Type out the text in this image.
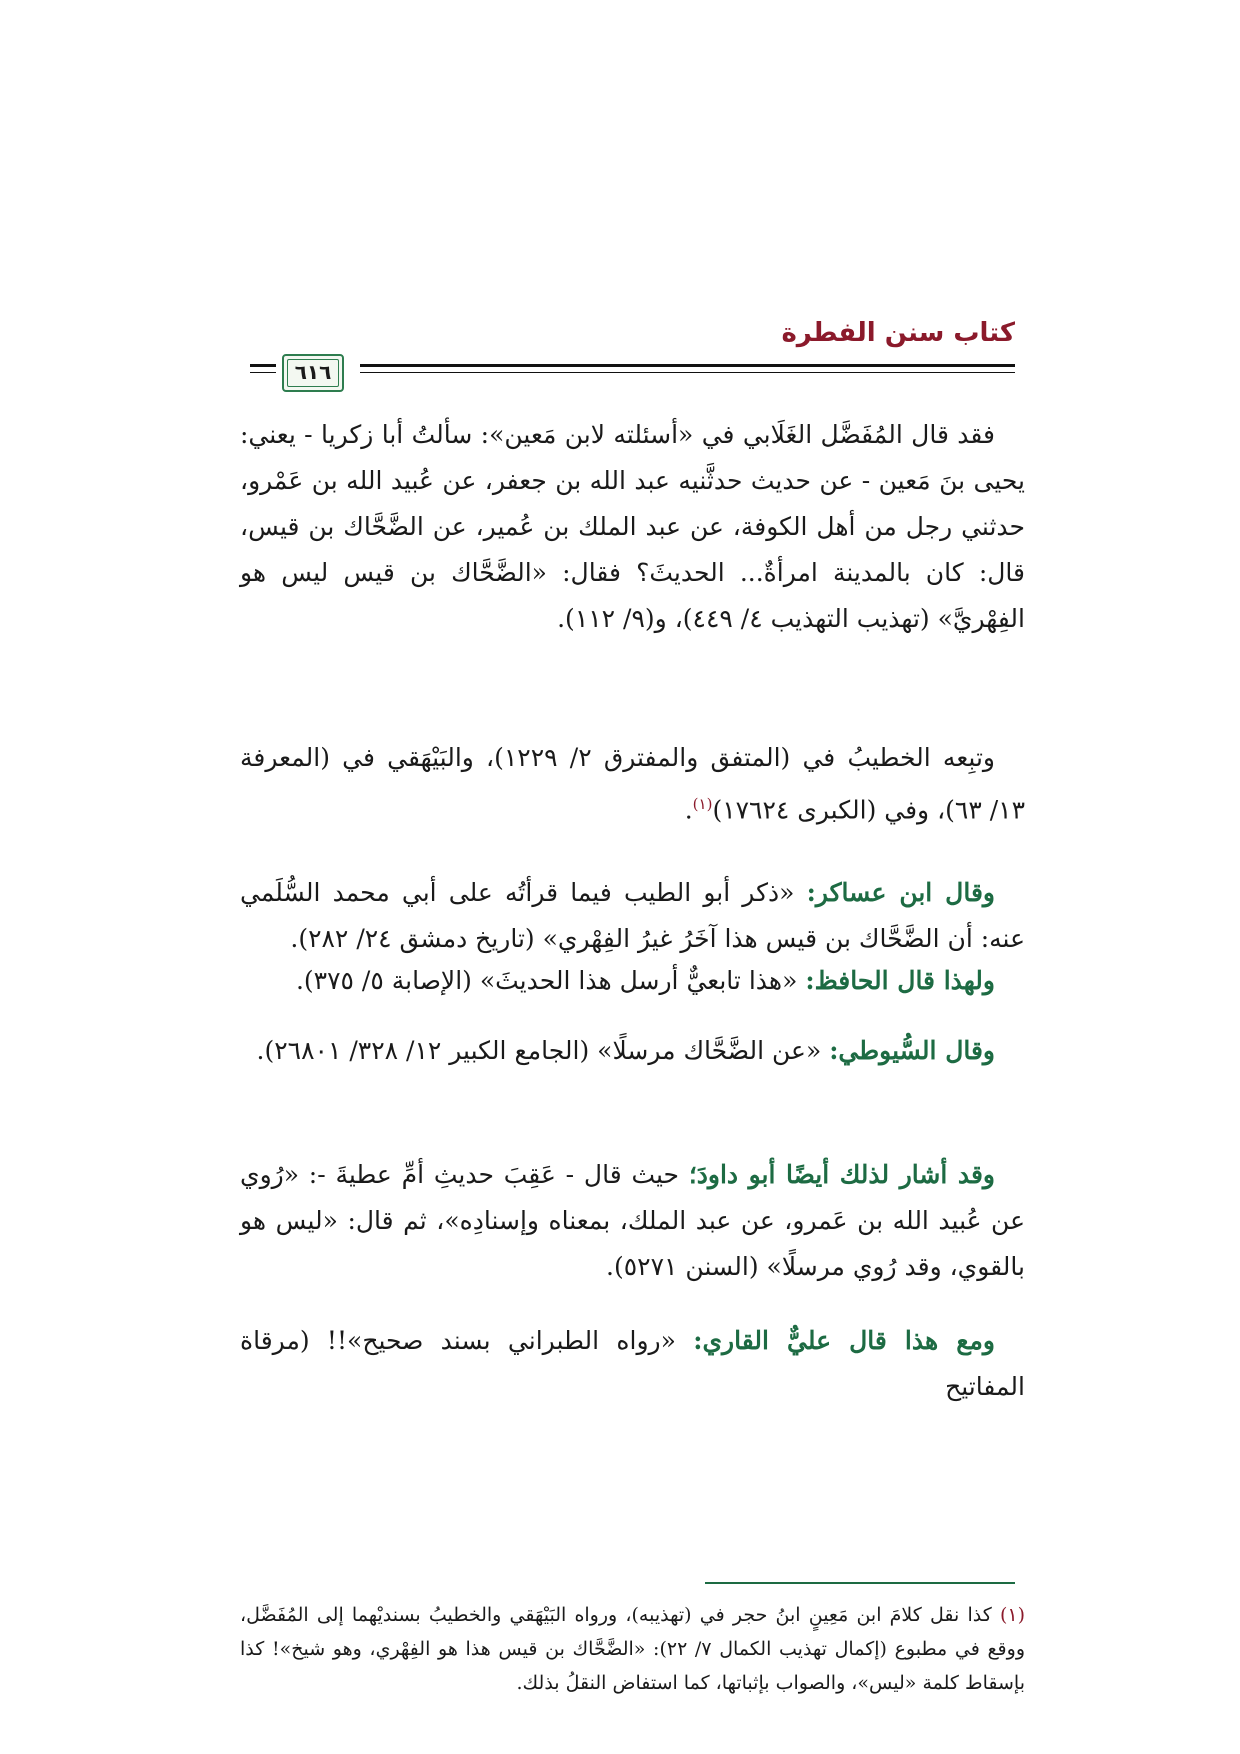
كتاب سنن الفطرة
٦١٦

فقد قال المُفَضَّل الغَلَابي في «أسئلته لابن مَعين»: سألتُ أبا زكريا - يعني: يحيى بنَ مَعين - عن حديث حدثَّنيه عبد الله بن جعفر، عن عُبيد الله بن عَمْرو، حدثني رجل من أهل الكوفة، عن عبد الملك بن عُمير، عن الضَّحَّاك بن قيس، قال: كان بالمدينة امرأةٌ... الحديثَ؟ فقال: «الضَّحَّاك بن قيس ليس هو الفِهْريَّ» (تهذيب التهذيب ٤/ ٤٤٩)، و(٩/ ١١٢).

وتبِعه الخطيبُ في (المتفق والمفترق ٢/ ١٢٢٩)، والبَيْهَقي في (المعرفة ١٣/ ٦٣)، وفي (الكبرى ١٧٦٢٤)$^{(١)}$.

وقال ابن عساكر: «ذكر أبو الطيب فيما قرأتُه على أبي محمد السُّلَمي عنه: أن الضَّحَّاك بن قيس هذا آخَرُ غيرُ الفِهْري» (تاريخ دمشق ٢٤/ ٢٨٢).

ولهذا قال الحافظ: «هذا تابعيٌّ أرسل هذا الحديثَ» (الإصابة ٥/ ٣٧٥).

وقال السُّيوطي: «عن الضَّحَّاك مرسلًا» (الجامع الكبير ١٢/ ٣٢٨/ ٢٦٨٠١).

وقد أشار لذلك أيضًا أبو داودَ؛ حيث قال - عَقِبَ حديثِ أمِّ عطيةَ -: «رُوي عن عُبيد الله بن عَمرو، عن عبد الملك، بمعناه وإسنادِه»، ثم قال: «ليس هو بالقوي، وقد رُوي مرسلًا» (السنن ٥٢٧١).

ومع هذا قال عليٌّ القاري: «رواه الطبراني بسند صحيح»!! (مرقاة المفاتيح

(١) كذا نقل كلامَ ابن مَعِينٍ ابنُ حجر في (تهذيبه)، ورواه البَيْهَقي والخطيبُ بسنديْهما إلى المُفَضَّل، ووقع في مطبوع (إكمال تهذيب الكمال ٧/ ٢٢): «الضَّحَّاك بن قيس هذا هو الفِهْري، وهو شيخ»! كذا بإسقاط كلمة «ليس»، والصواب بإثباتها، كما استفاض النقلُ بذلك.
